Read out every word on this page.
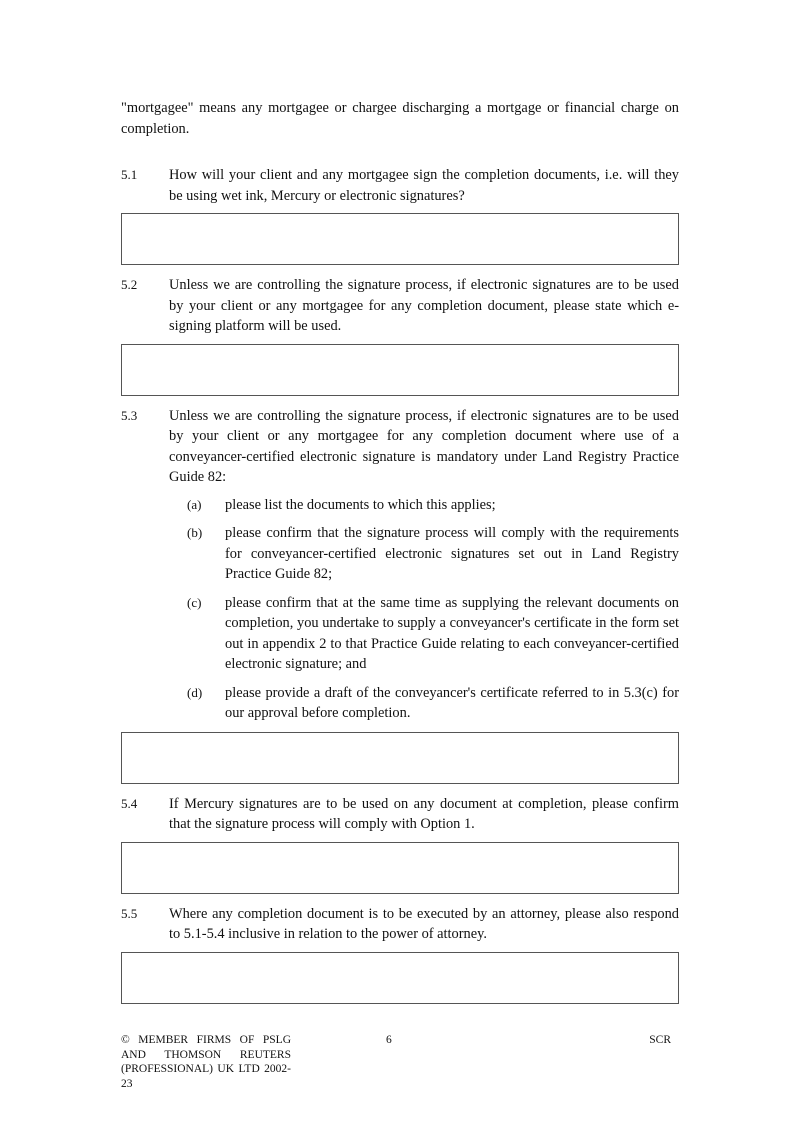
"mortgagee" means any mortgagee or chargee discharging a mortgage or financial charge on completion.

5.1	How will your client and any mortgagee sign the completion documents, i.e. will they be using wet ink, Mercury or electronic signatures?

5.2	Unless we are controlling the signature process, if electronic signatures are to be used by your client or any mortgagee for any completion document, please state which e-signing platform will be used.

5.3	Unless we are controlling the signature process, if electronic signatures are to be used by your client or any mortgagee for any completion document where use of a conveyancer-certified electronic signature is mandatory under Land Registry Practice Guide 82:

(a)	please list the documents to which this applies;

(b)	please confirm that the signature process will comply with the requirements for conveyancer-certified electronic signatures set out in Land Registry Practice Guide 82;

(c)	please confirm that at the same time as supplying the relevant documents on completion, you undertake to supply a conveyancer's certificate in the form set out in appendix 2 to that Practice Guide relating to each conveyancer-certified electronic signature; and

(d)	please provide a draft of the conveyancer's certificate referred to in 5.3(c) for our approval before completion.

5.4	If Mercury signatures are to be used on any document at completion, please confirm that the signature process will comply with Option 1.

5.5	Where any completion document is to be executed by an attorney, please also respond to 5.1-5.4 inclusive in relation to the power of attorney.

© MEMBER FIRMS OF PSLG AND THOMSON REUTERS (PROFESSIONAL) UK LTD 2002-23
6	SCR
